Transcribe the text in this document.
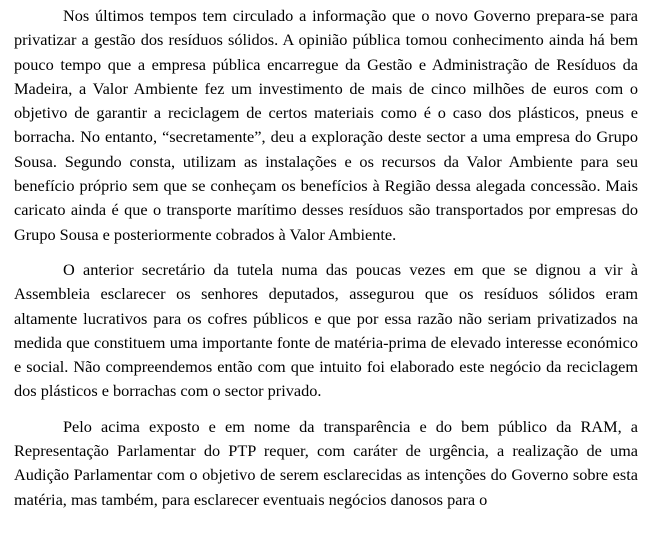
Nos últimos tempos tem circulado a informação que o novo Governo prepara-se para privatizar a gestão dos resíduos sólidos. A opinião pública tomou conhecimento ainda há bem pouco tempo que a empresa pública encarregue da Gestão e Administração de Resíduos da Madeira, a Valor Ambiente fez um investimento de mais de cinco milhões de euros com o objetivo de garantir a reciclagem de certos materiais como é o caso dos plásticos, pneus e borracha. No entanto, “secretamente”, deu a exploração deste sector a uma empresa do Grupo Sousa. Segundo consta, utilizam as instalações e os recursos da Valor Ambiente para seu benefício próprio sem que se conheçam os benefícios à Região dessa alegada concessão. Mais caricato ainda é que o transporte marítimo desses resíduos são transportados por empresas do Grupo Sousa e posteriormente cobrados à Valor Ambiente.

O anterior secretário da tutela numa das poucas vezes em que se dignou a vir à Assembleia esclarecer os senhores deputados, assegurou que os resíduos sólidos eram altamente lucrativos para os cofres públicos e que por essa razão não seriam privatizados na medida que constituem uma importante fonte de matéria-prima de elevado interesse económico e social. Não compreendemos então com que intuito foi elaborado este negócio da reciclagem dos plásticos e borrachas com o sector privado.

Pelo acima exposto e em nome da transparência e do bem público da RAM, a Representação Parlamentar do PTP requer, com caráter de urgência, a realização de uma Audição Parlamentar com o objetivo de serem esclarecidas as intenções do Governo sobre esta matéria, mas também, para esclarecer eventuais negócios danosos para o
